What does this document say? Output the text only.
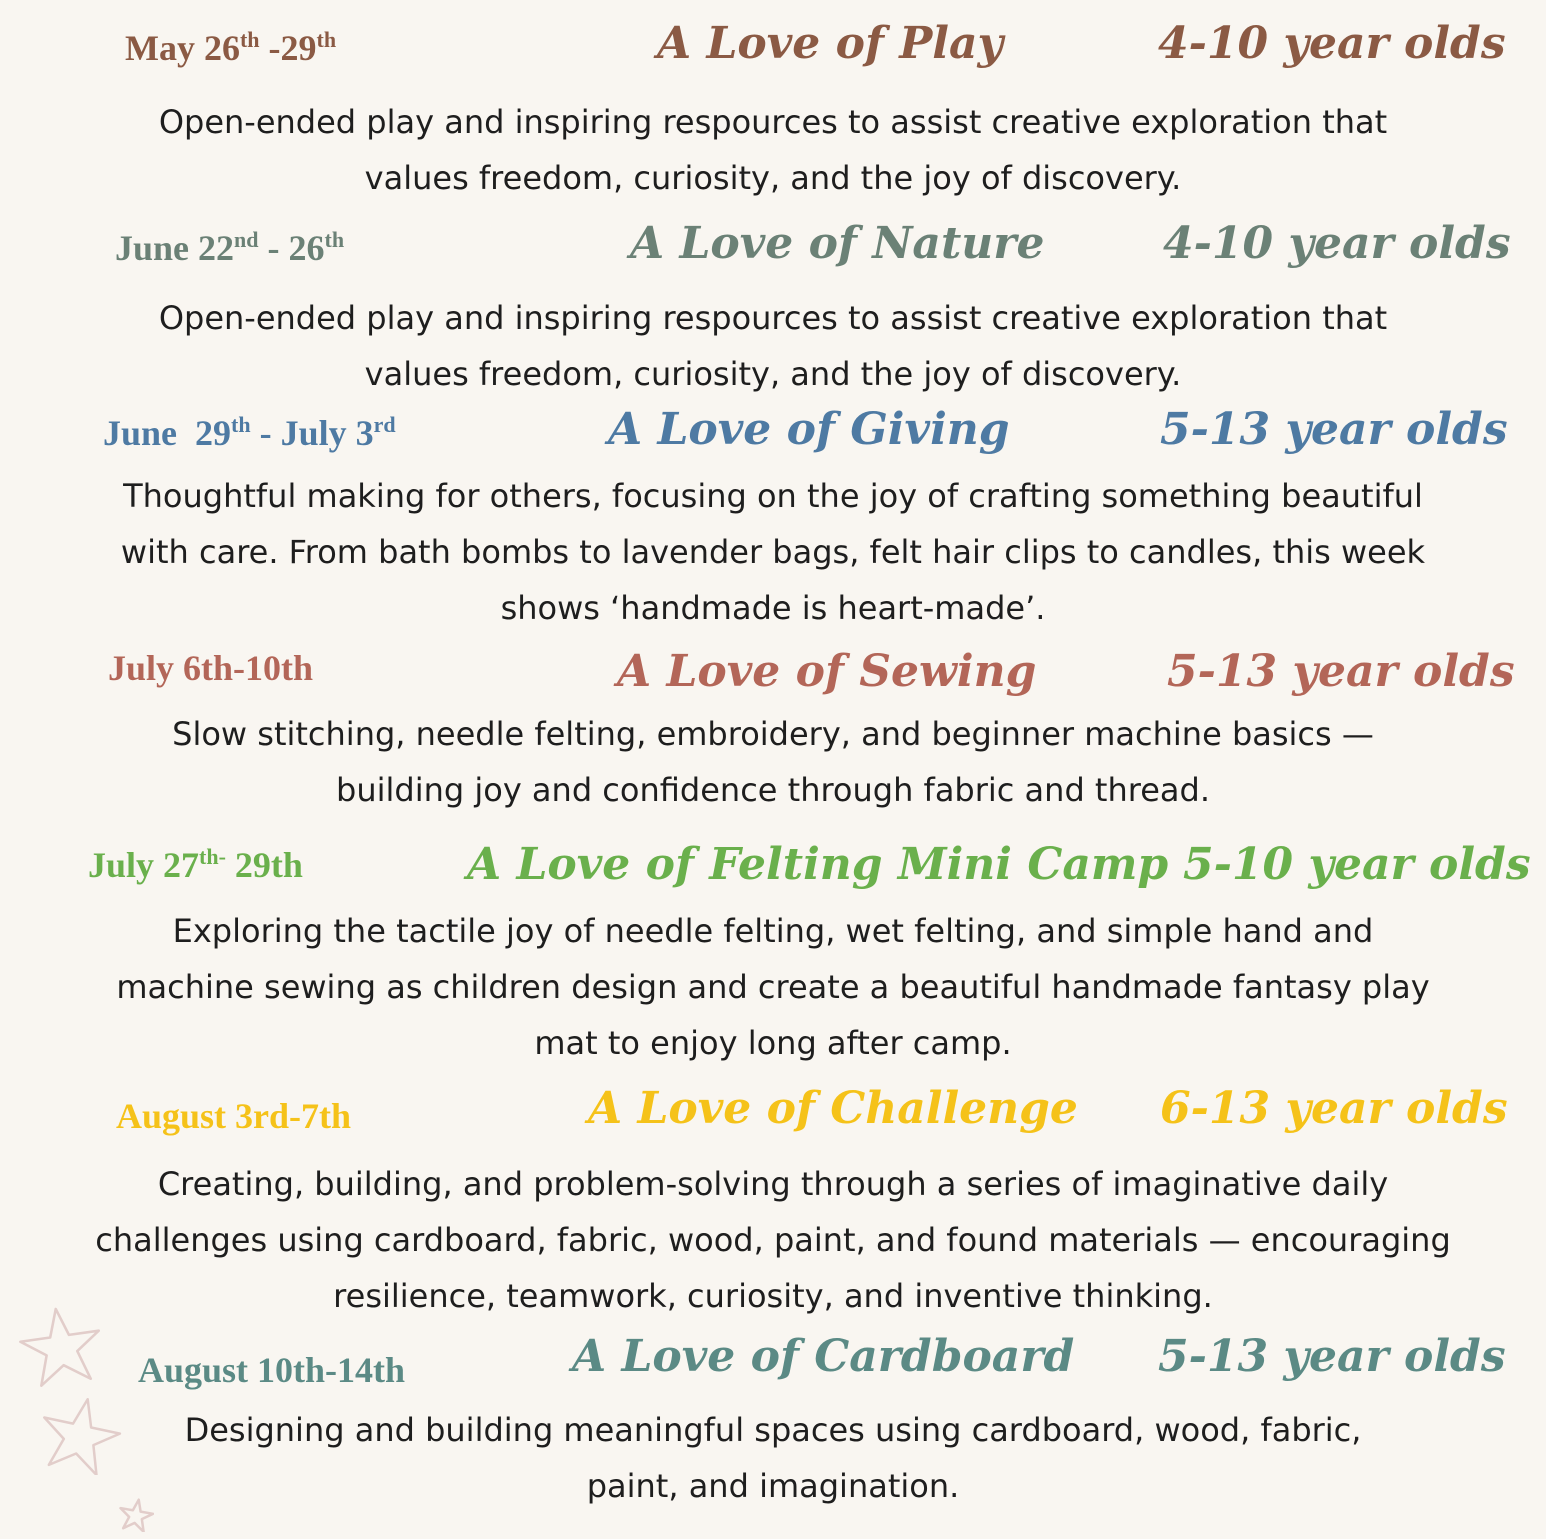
May 26th -29th	A Love of Play	4-10 year olds

Open-ended play and inspiring respources to assist creative exploration that
values freedom, curiosity, and the joy of discovery.

June 22nd - 26th	A Love of Nature	4-10 year olds

Open-ended play and inspiring respources to assist creative exploration that
values freedom, curiosity, and the joy of discovery.

June  29th - July 3rd	A Love of Giving	5-13 year olds

Thoughtful making for others, focusing on the joy of crafting something beautiful
with care. From bath bombs to lavender bags, felt hair clips to candles, this week
shows ‘handmade is heart-made’.

July 6th-10th	A Love of Sewing	5-13 year olds

Slow stitching, needle felting, embroidery, and beginner machine basics —
building joy and confidence through fabric and thread.

July $27^{th-}$ 29th	A Love of Felting Mini Camp 5-10 year olds

Exploring the tactile joy of needle felting, wet felting, and simple hand and
machine sewing as children design and create a beautiful handmade fantasy play
mat to enjoy long after camp.

August 3rd-7th	A Love of Challenge 6-13 year olds

Creating, building, and problem-solving through a series of imaginative daily
challenges using cardboard, fabric, wood, paint, and found materials — encouraging
resilience, teamwork, curiosity, and inventive thinking.

August 10th-14th	A Love of Cardboard 5-13 year olds

Designing and building meaningful spaces using cardboard, wood, fabric,
paint, and imagination.
